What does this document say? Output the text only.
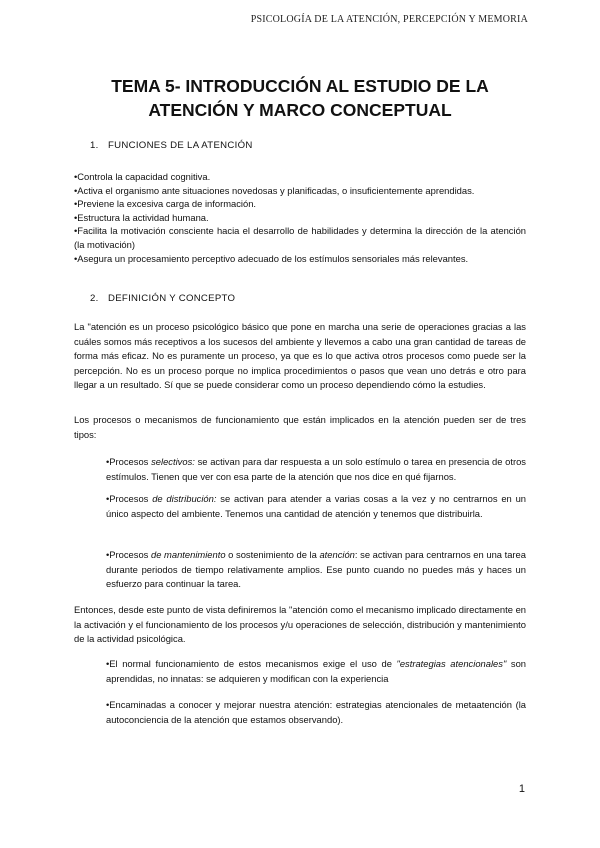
PSICOLOGÍA DE LA ATENCIÓN, PERCEPCIÓN Y MEMORIA
TEMA 5- INTRODUCCIÓN AL ESTUDIO DE LA
ATENCIÓN Y MARCO CONCEPTUAL
1. FUNCIONES DE LA ATENCIÓN
•Controla la capacidad cognitiva.
•Activa el organismo ante situaciones novedosas y planificadas, o insuficientemente aprendidas.
•Previene la excesiva carga de información.
•Estructura la actividad humana.
•Facilita la motivación consciente hacia el desarrollo de habilidades y determina la dirección de la atención (la motivación)
•Asegura un procesamiento perceptivo adecuado de los estímulos sensoriales más relevantes.
2. DEFINICIÓN Y CONCEPTO
La "atención es un proceso psicológico básico que pone en marcha una serie de operaciones gracias a las cuáles somos más receptivos a los sucesos del ambiente y llevemos a cabo una gran cantidad de tareas de forma más eficaz. No es puramente un proceso, ya que es lo que activa otros procesos como puede ser la percepción. No es un proceso porque no implica procedimientos o pasos que vean uno detrás e otro para llegar a un resultado. Sí que se puede considerar como un proceso dependiendo cómo la estudies.
Los procesos o mecanismos de funcionamiento que están implicados en la atención pueden ser de tres tipos:
•Procesos selectivos: se activan para dar respuesta a un solo estímulo o tarea en presencia de otros estímulos. Tienen que ver con esa parte de la atención que nos dice en qué fijarnos.
•Procesos de distribución: se activan para atender a varias cosas a la vez y no centrarnos en un único aspecto del ambiente. Tenemos una cantidad de atención y tenemos que distribuirla.
•Procesos de mantenimiento o sostenimiento de la atención: se activan para centrarnos en una tarea durante periodos de tiempo relativamente amplios. Ese punto cuando no puedes más y haces un esfuerzo para continuar la tarea.
Entonces, desde este punto de vista definiremos la "atención como el mecanismo implicado directamente en la activación y el funcionamiento de los procesos y/u operaciones de selección, distribución y mantenimiento de la actividad psicológica.
•El normal funcionamiento de estos mecanismos exige el uso de "estrategias atencionales" son aprendidas, no innatas: se adquieren y modifican con la experiencia
•Encaminadas a conocer y mejorar nuestra atención: estrategias atencionales de metaatención (la autoconciencia de la atención que estamos observando).
1
